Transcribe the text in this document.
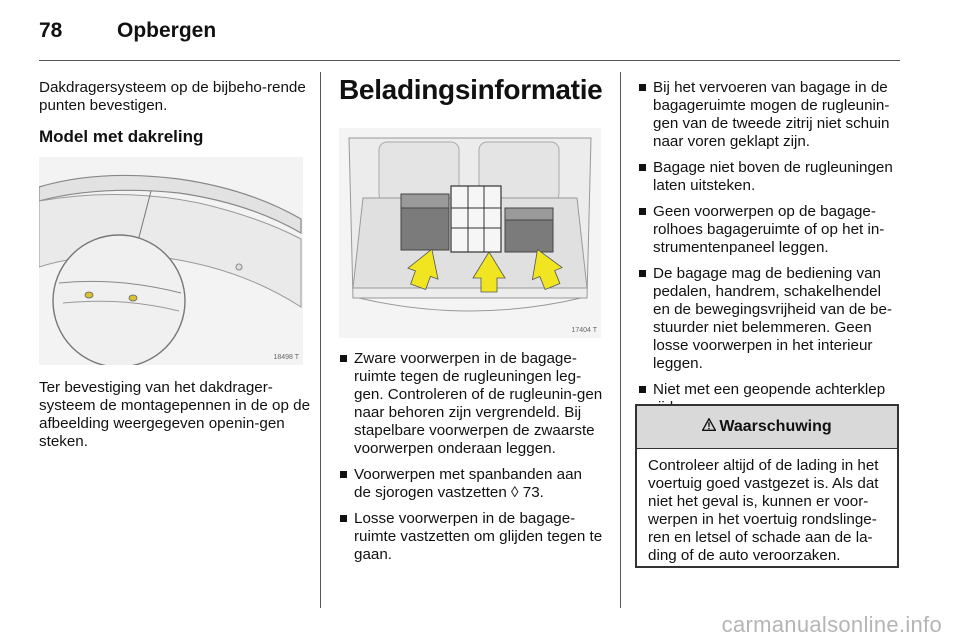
78	Opbergen

Dakdragersysteem op de bijbeho-rende punten bevestigen.

Model met dakreling
18498 T

Ter bevestiging van het dakdrager-systeem de montagepennen in de op de afbeelding weergegeven openin-gen steken.

Beladingsinformatie
17404 T
Zware voorwerpen in de bagage-ruimte tegen de rugleuningen leg-gen. Controleren of de rugleunin-gen naar behoren zijn vergrendeld. Bij stapelbare voorwerpen de zwaarste voorwerpen onderaan leggen.
Voorwerpen met spanbanden aan de sjorogen vastzetten ◊ 73.
Losse voorwerpen in de bagage-ruimte vastzetten om glijden tegen te gaan.
Bij het vervoeren van bagage in de bagageruimte mogen de rugleunin-gen van de tweede zitrij niet schuin naar voren geklapt zijn.
Bagage niet boven de rugleuningen laten uitsteken.
Geen voorwerpen op de bagage-rolhoes bagageruimte of op het in-strumentenpaneel leggen.
De bagage mag de bediening van pedalen, handrem, schakelhendel en de bewegingsvrijheid van de be-stuurder niet belemmeren. Geen losse voorwerpen in het interieur leggen.
Niet met een geopende achterklep
Waarschuwing
Controleer altijd of de lading in het voertuig goed vastgezet is. Als dat niet het geval is, kunnen er voor-werpen in het voertuig rondslinge-ren en letsel of schade aan de la-ding of de auto veroorzaken.
carmanualsonline.info
